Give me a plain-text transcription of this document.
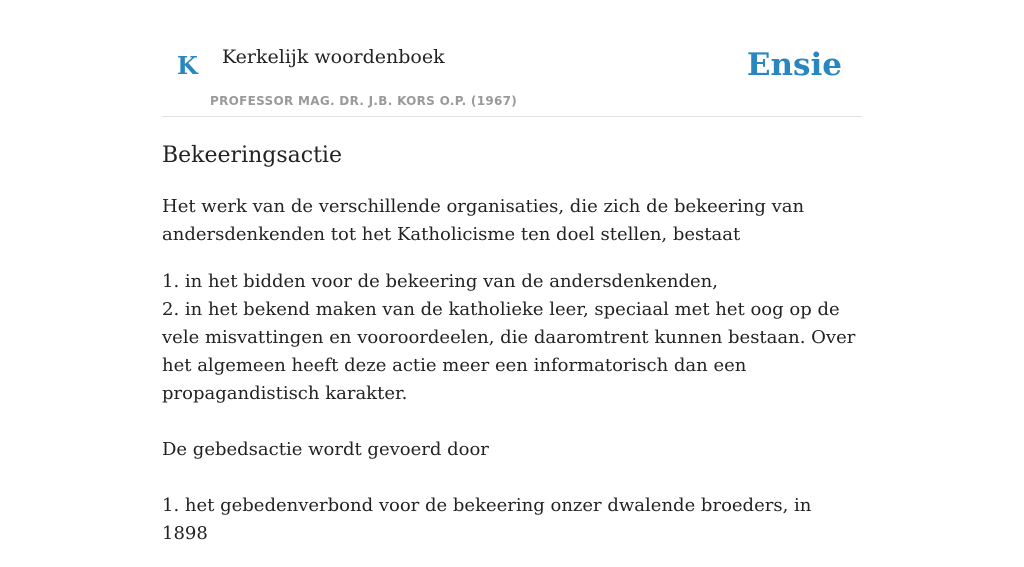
K Kerkelijk woordenboek
PROFESSOR MAG. DR. J.B. KORS O.P. (1967)
Ensie
Bekeeringsactie

Het werk van de verschillende organisaties, die zich de bekeering van andersdenkenden tot het Katholicisme ten doel stellen, bestaat

1. in het bidden voor de bekeering van de andersdenkenden,

2. in het bekend maken van de katholieke leer, speciaal met het oog op de vele misvattingen en vooroordeelen, die daaromtrent kunnen bestaan. Over het algemeen heeft deze actie meer een informatorisch dan een propagandistisch karakter.

De gebedsactie wordt gevoerd door

1. het gebedenverbond voor de bekeering onzer dwalende broeders, in 1898
